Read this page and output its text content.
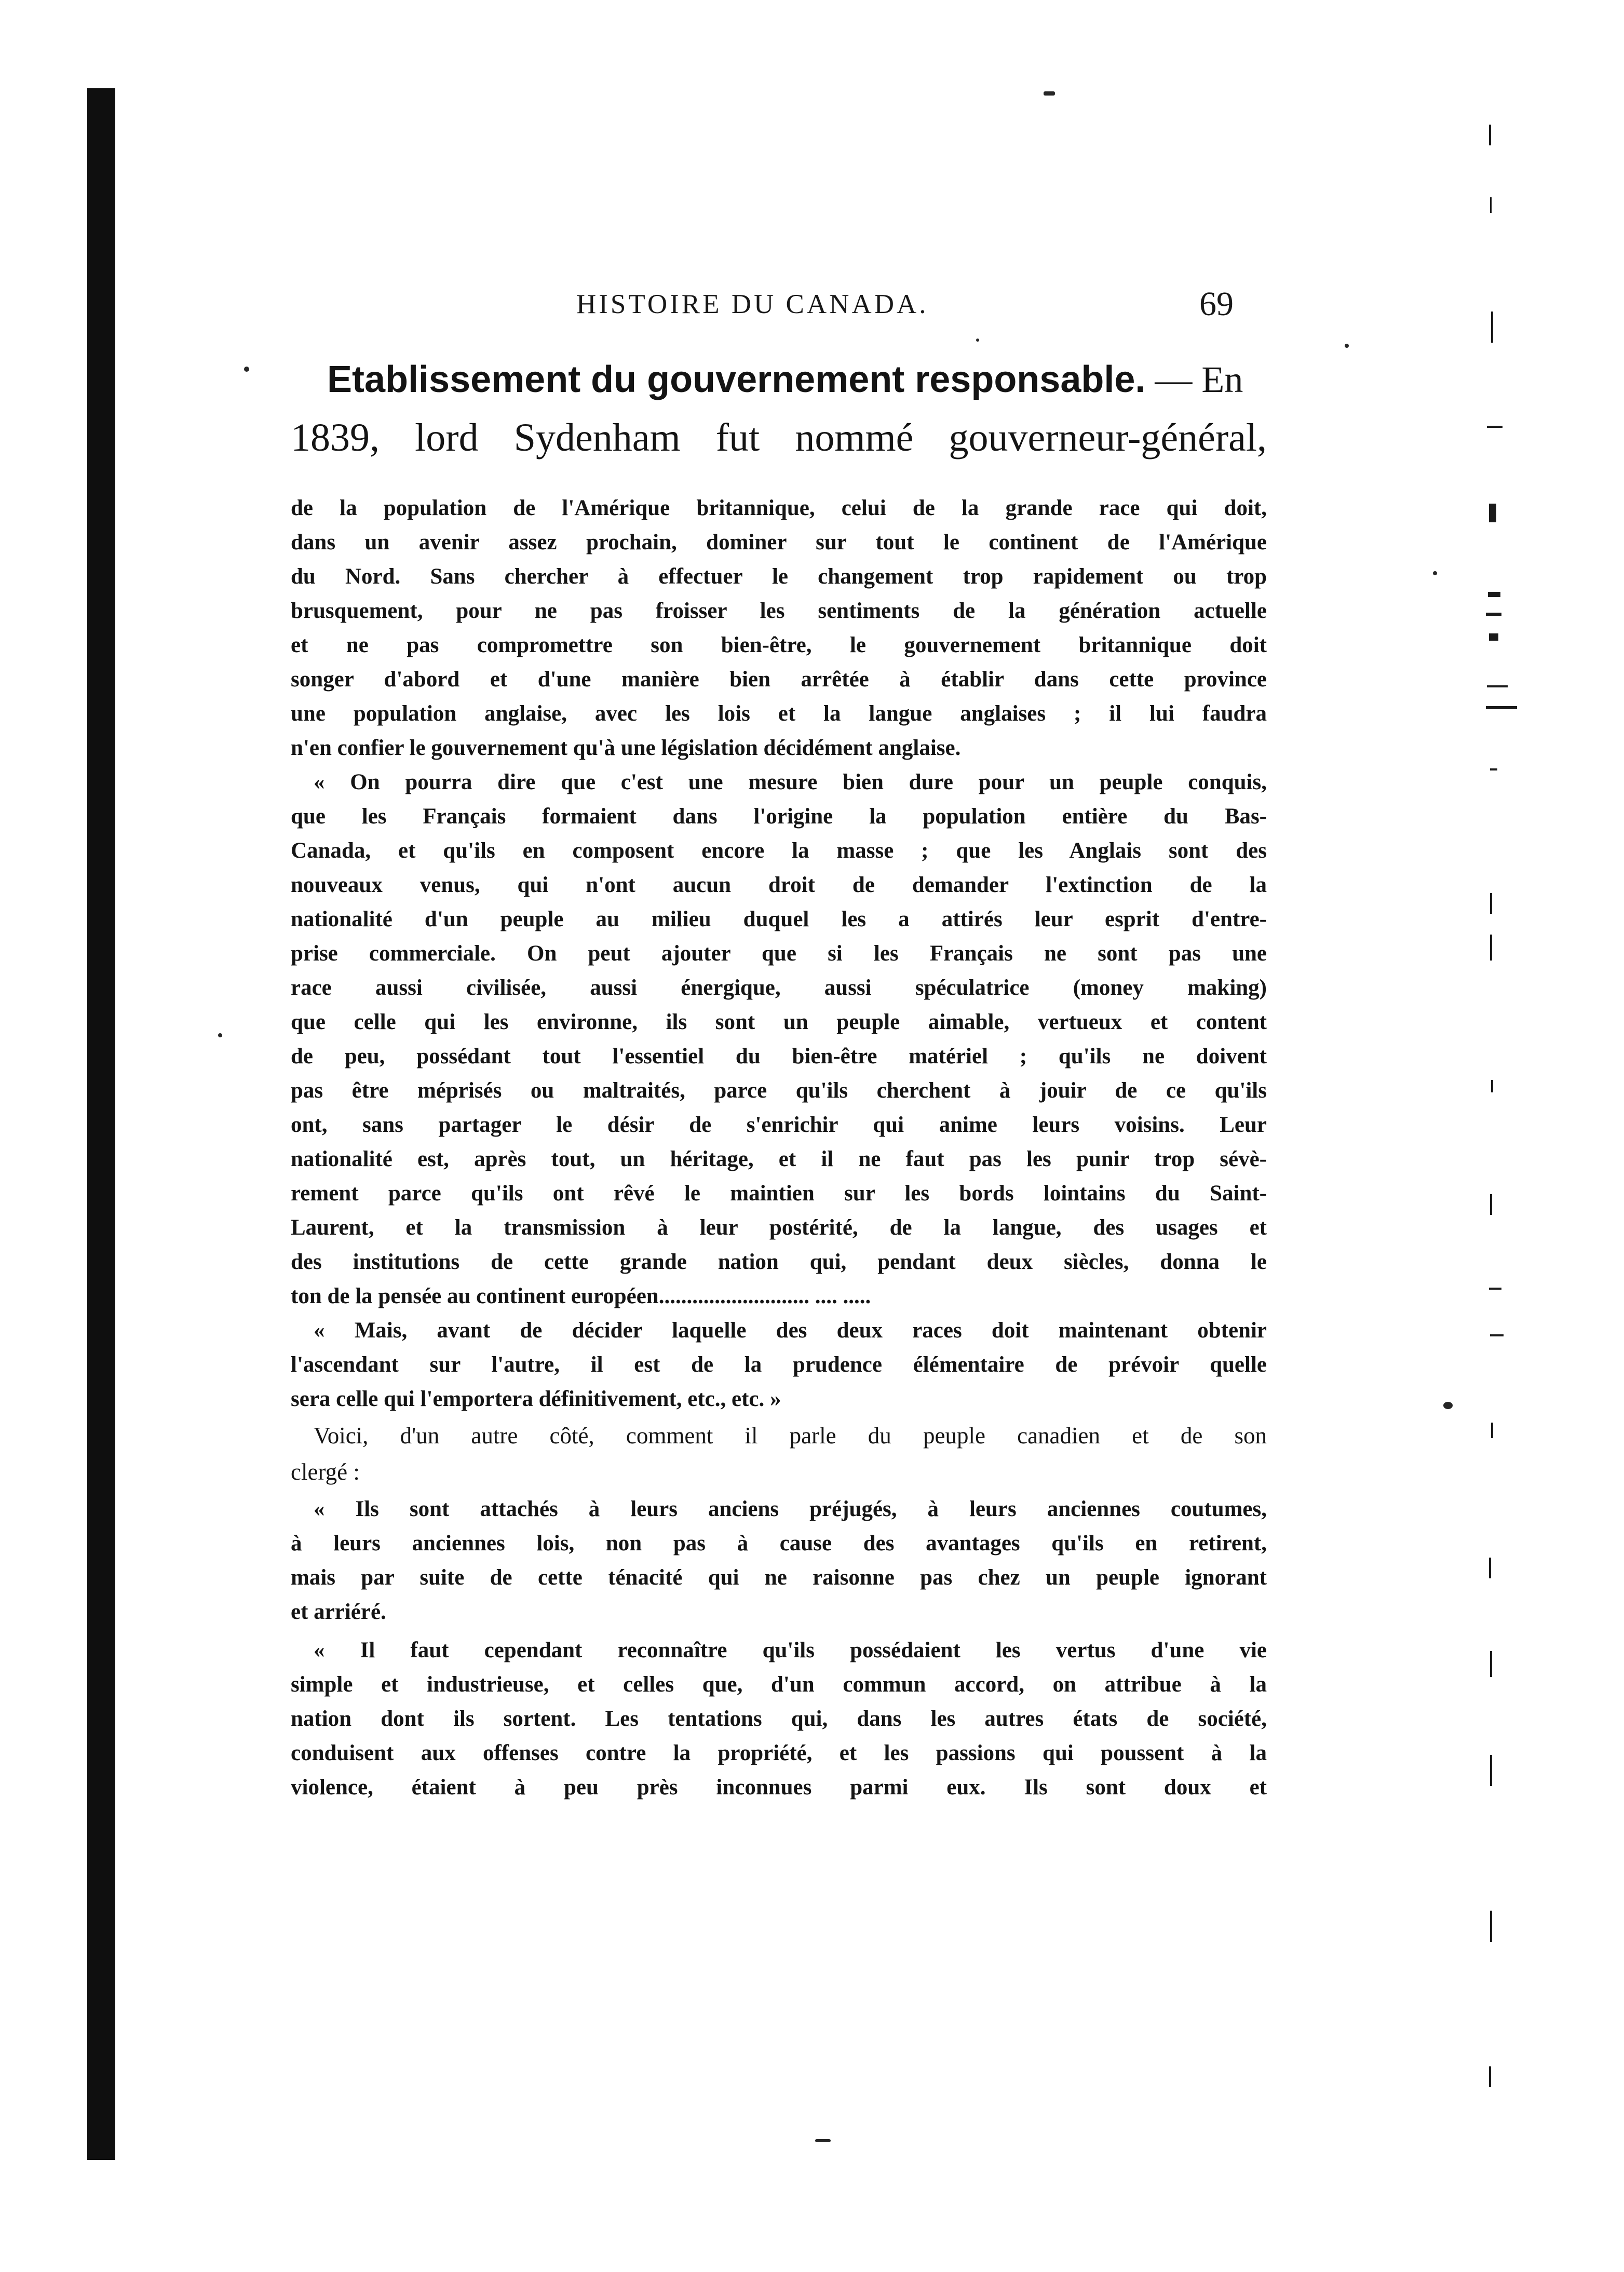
HISTOIRE DU CANADA.	69
Etablissement du gouvernement responsable. — En
1839, lord Sydenham fut nommé gouverneur-général,
de la population de l'Amérique britannique, celui de la grande race qui doit,
dans un avenir assez prochain, dominer sur tout le continent de l'Amérique
du Nord. Sans chercher à effectuer le changement trop rapidement ou trop
brusquement, pour ne pas froisser les sentiments de la génération actuelle
et ne pas compromettre son bien-être, le gouvernement britannique doit
songer d'abord et d'une manière bien arrêtée à établir dans cette province
une population anglaise, avec les lois et la langue anglaises ; il lui faudra
n'en confier le gouvernement qu'à une législation décidément anglaise.
« On pourra dire que c'est une mesure bien dure pour un peuple conquis,
que les Français formaient dans l'origine la population entière du Bas-
Canada, et qu'ils en composent encore la masse ; que les Anglais sont des
nouveaux venus, qui n'ont aucun droit de demander l'extinction de la
nationalité d'un peuple au milieu duquel les a attirés leur esprit d'entre-
prise commerciale. On peut ajouter que si les Français ne sont pas une
race aussi civilisée, aussi énergique, aussi spéculatrice (money making)
que celle qui les environne, ils sont un peuple aimable, vertueux et content
de peu, possédant tout l'essentiel du bien-être matériel ; qu'ils ne doivent
pas être méprisés ou maltraités, parce qu'ils cherchent à jouir de ce qu'ils
ont, sans partager le désir de s'enrichir qui anime leurs voisins. Leur
nationalité est, après tout, un héritage, et il ne faut pas les punir trop sévè-
rement parce qu'ils ont rêvé le maintien sur les bords lointains du Saint-
Laurent, et la transmission à leur postérité, de la langue, des usages et
des institutions de cette grande nation qui, pendant deux siècles, donna le
ton de la pensée au continent européen........................... .... .....
« Mais, avant de décider laquelle des deux races doit maintenant obtenir
l'ascendant sur l'autre, il est de la prudence élémentaire de prévoir quelle
sera celle qui l'emportera définitivement, etc., etc. »
Voici, d'un autre côté, comment il parle du peuple canadien et de son
clergé :
« Ils sont attachés à leurs anciens préjugés, à leurs anciennes coutumes,
à leurs anciennes lois, non pas à cause des avantages qu'ils en retirent,
mais par suite de cette ténacité qui ne raisonne pas chez un peuple ignorant
et arriéré.
« Il faut cependant reconnaître qu'ils possédaient les vertus d'une vie
simple et industrieuse, et celles que, d'un commun accord, on attribue à la
nation dont ils sortent. Les tentations qui, dans les autres états de société,
conduisent aux offenses contre la propriété, et les passions qui poussent à la
violence, étaient à peu près inconnues parmi eux. Ils sont doux et
